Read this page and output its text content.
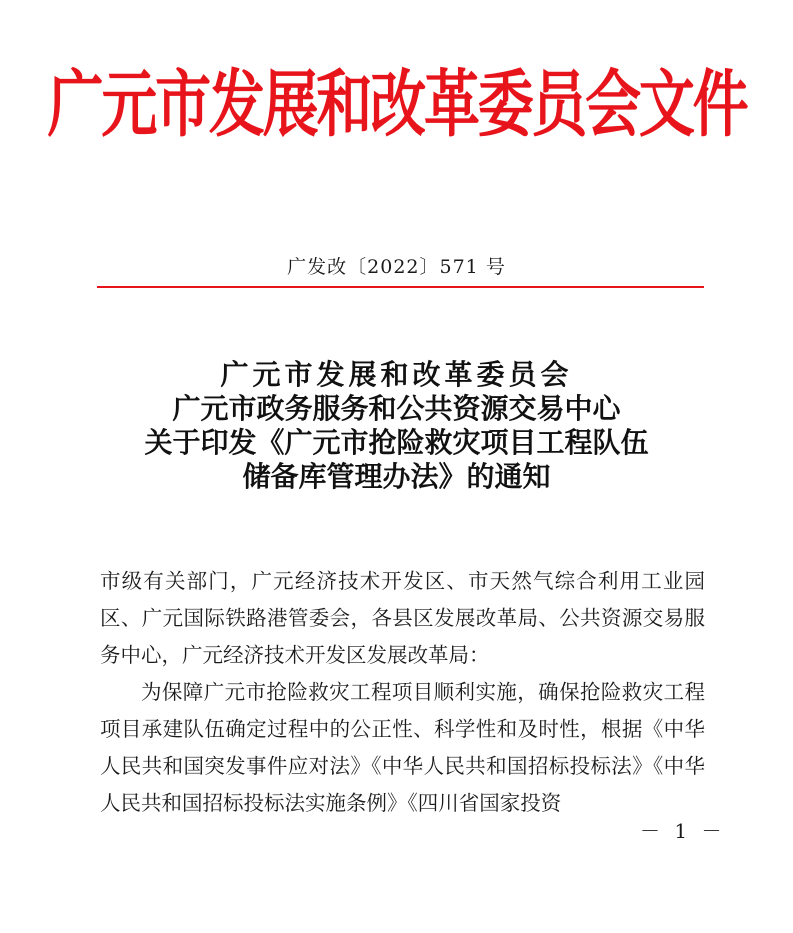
广元市发展和改革委员会文件
广发改〔2022〕571 号
广元市发展和改革委员会
广元市政务服务和公共资源交易中心
关于印发《广元市抢险救灾项目工程队伍
储备库管理办法》的通知

市级有关部门，广元经济技术开发区、市天然气综合利用工业园区、广元国际铁路港管委会，各县区发展改革局、公共资源交易服务中心，广元经济技术开发区发展改革局：

为保障广元市抢险救灾工程项目顺利实施，确保抢险救灾工程项目承建队伍确定过程中的公正性、科学性和及时性，根据《中华人民共和国突发事件应对法》《中华人民共和国招标投标法》《中华人民共和国招标投标法实施条例》《四川省国家投资

－ 1 －
